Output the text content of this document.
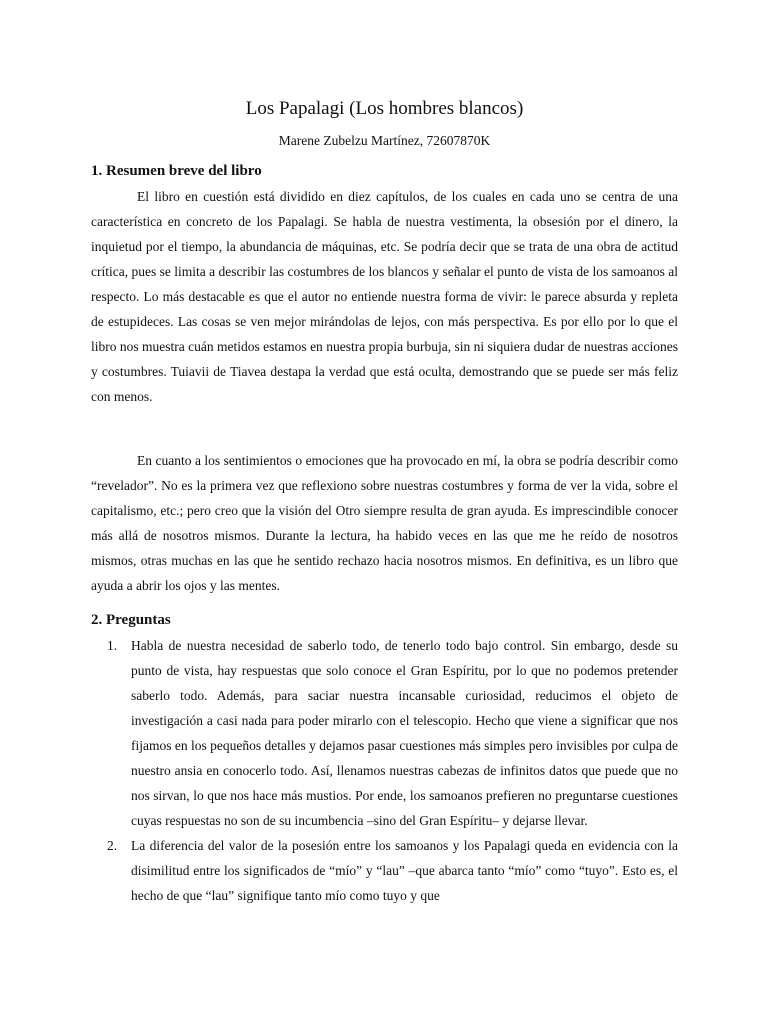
Los Papalagi (Los hombres blancos)
Marene Zubelzu Martínez, 72607870K
1. Resumen breve del libro

El libro en cuestión está dividido en diez capítulos, de los cuales en cada uno se centra de una característica en concreto de los Papalagi. Se habla de nuestra vestimenta, la obsesión por el dinero, la inquietud por el tiempo, la abundancia de máquinas, etc. Se podría decir que se trata de una obra de actitud crítica, pues se limita a describir las costumbres de los blancos y señalar el punto de vista de los samoanos al respecto. Lo más destacable es que el autor no entiende nuestra forma de vivir: le parece absurda y repleta de estupideces. Las cosas se ven mejor mirándolas de lejos, con más perspectiva. Es por ello por lo que el libro nos muestra cuán metidos estamos en nuestra propia burbuja, sin ni siquiera dudar de nuestras acciones y costumbres. Tuiavii de Tiavea destapa la verdad que está oculta, demostrando que se puede ser más feliz con menos.

En cuanto a los sentimientos o emociones que ha provocado en mí, la obra se podría describir como “revelador”. No es la primera vez que reflexiono sobre nuestras costumbres y forma de ver la vida, sobre el capitalismo, etc.; pero creo que la visión del Otro siempre resulta de gran ayuda. Es imprescindible conocer más allá de nosotros mismos. Durante la lectura, ha habido veces en las que me he reído de nosotros mismos, otras muchas en las que he sentido rechazo hacia nosotros mismos. En definitiva, es un libro que ayuda a abrir los ojos y las mentes.

2. Preguntas
1. Habla de nuestra necesidad de saberlo todo, de tenerlo todo bajo control. Sin embargo, desde su punto de vista, hay respuestas que solo conoce el Gran Espíritu, por lo que no podemos pretender saberlo todo. Además, para saciar nuestra incansable curiosidad, reducimos el objeto de investigación a casi nada para poder mirarlo con el telescopio. Hecho que viene a significar que nos fijamos en los pequeños detalles y dejamos pasar cuestiones más simples pero invisibles por culpa de nuestro ansia en conocerlo todo. Así, llenamos nuestras cabezas de infinitos datos que puede que no nos sirvan, lo que nos hace más mustios. Por ende, los samoanos prefieren no preguntarse cuestiones cuyas respuestas no son de su incumbencia –sino del Gran Espíritu– y dejarse llevar.
2. La diferencia del valor de la posesión entre los samoanos y los Papalagi queda en evidencia con la disimilitud entre los significados de “mío” y “lau” –que abarca tanto “mío” como “tuyo”. Esto es, el hecho de que “lau” signifique tanto mío como tuyo y que
